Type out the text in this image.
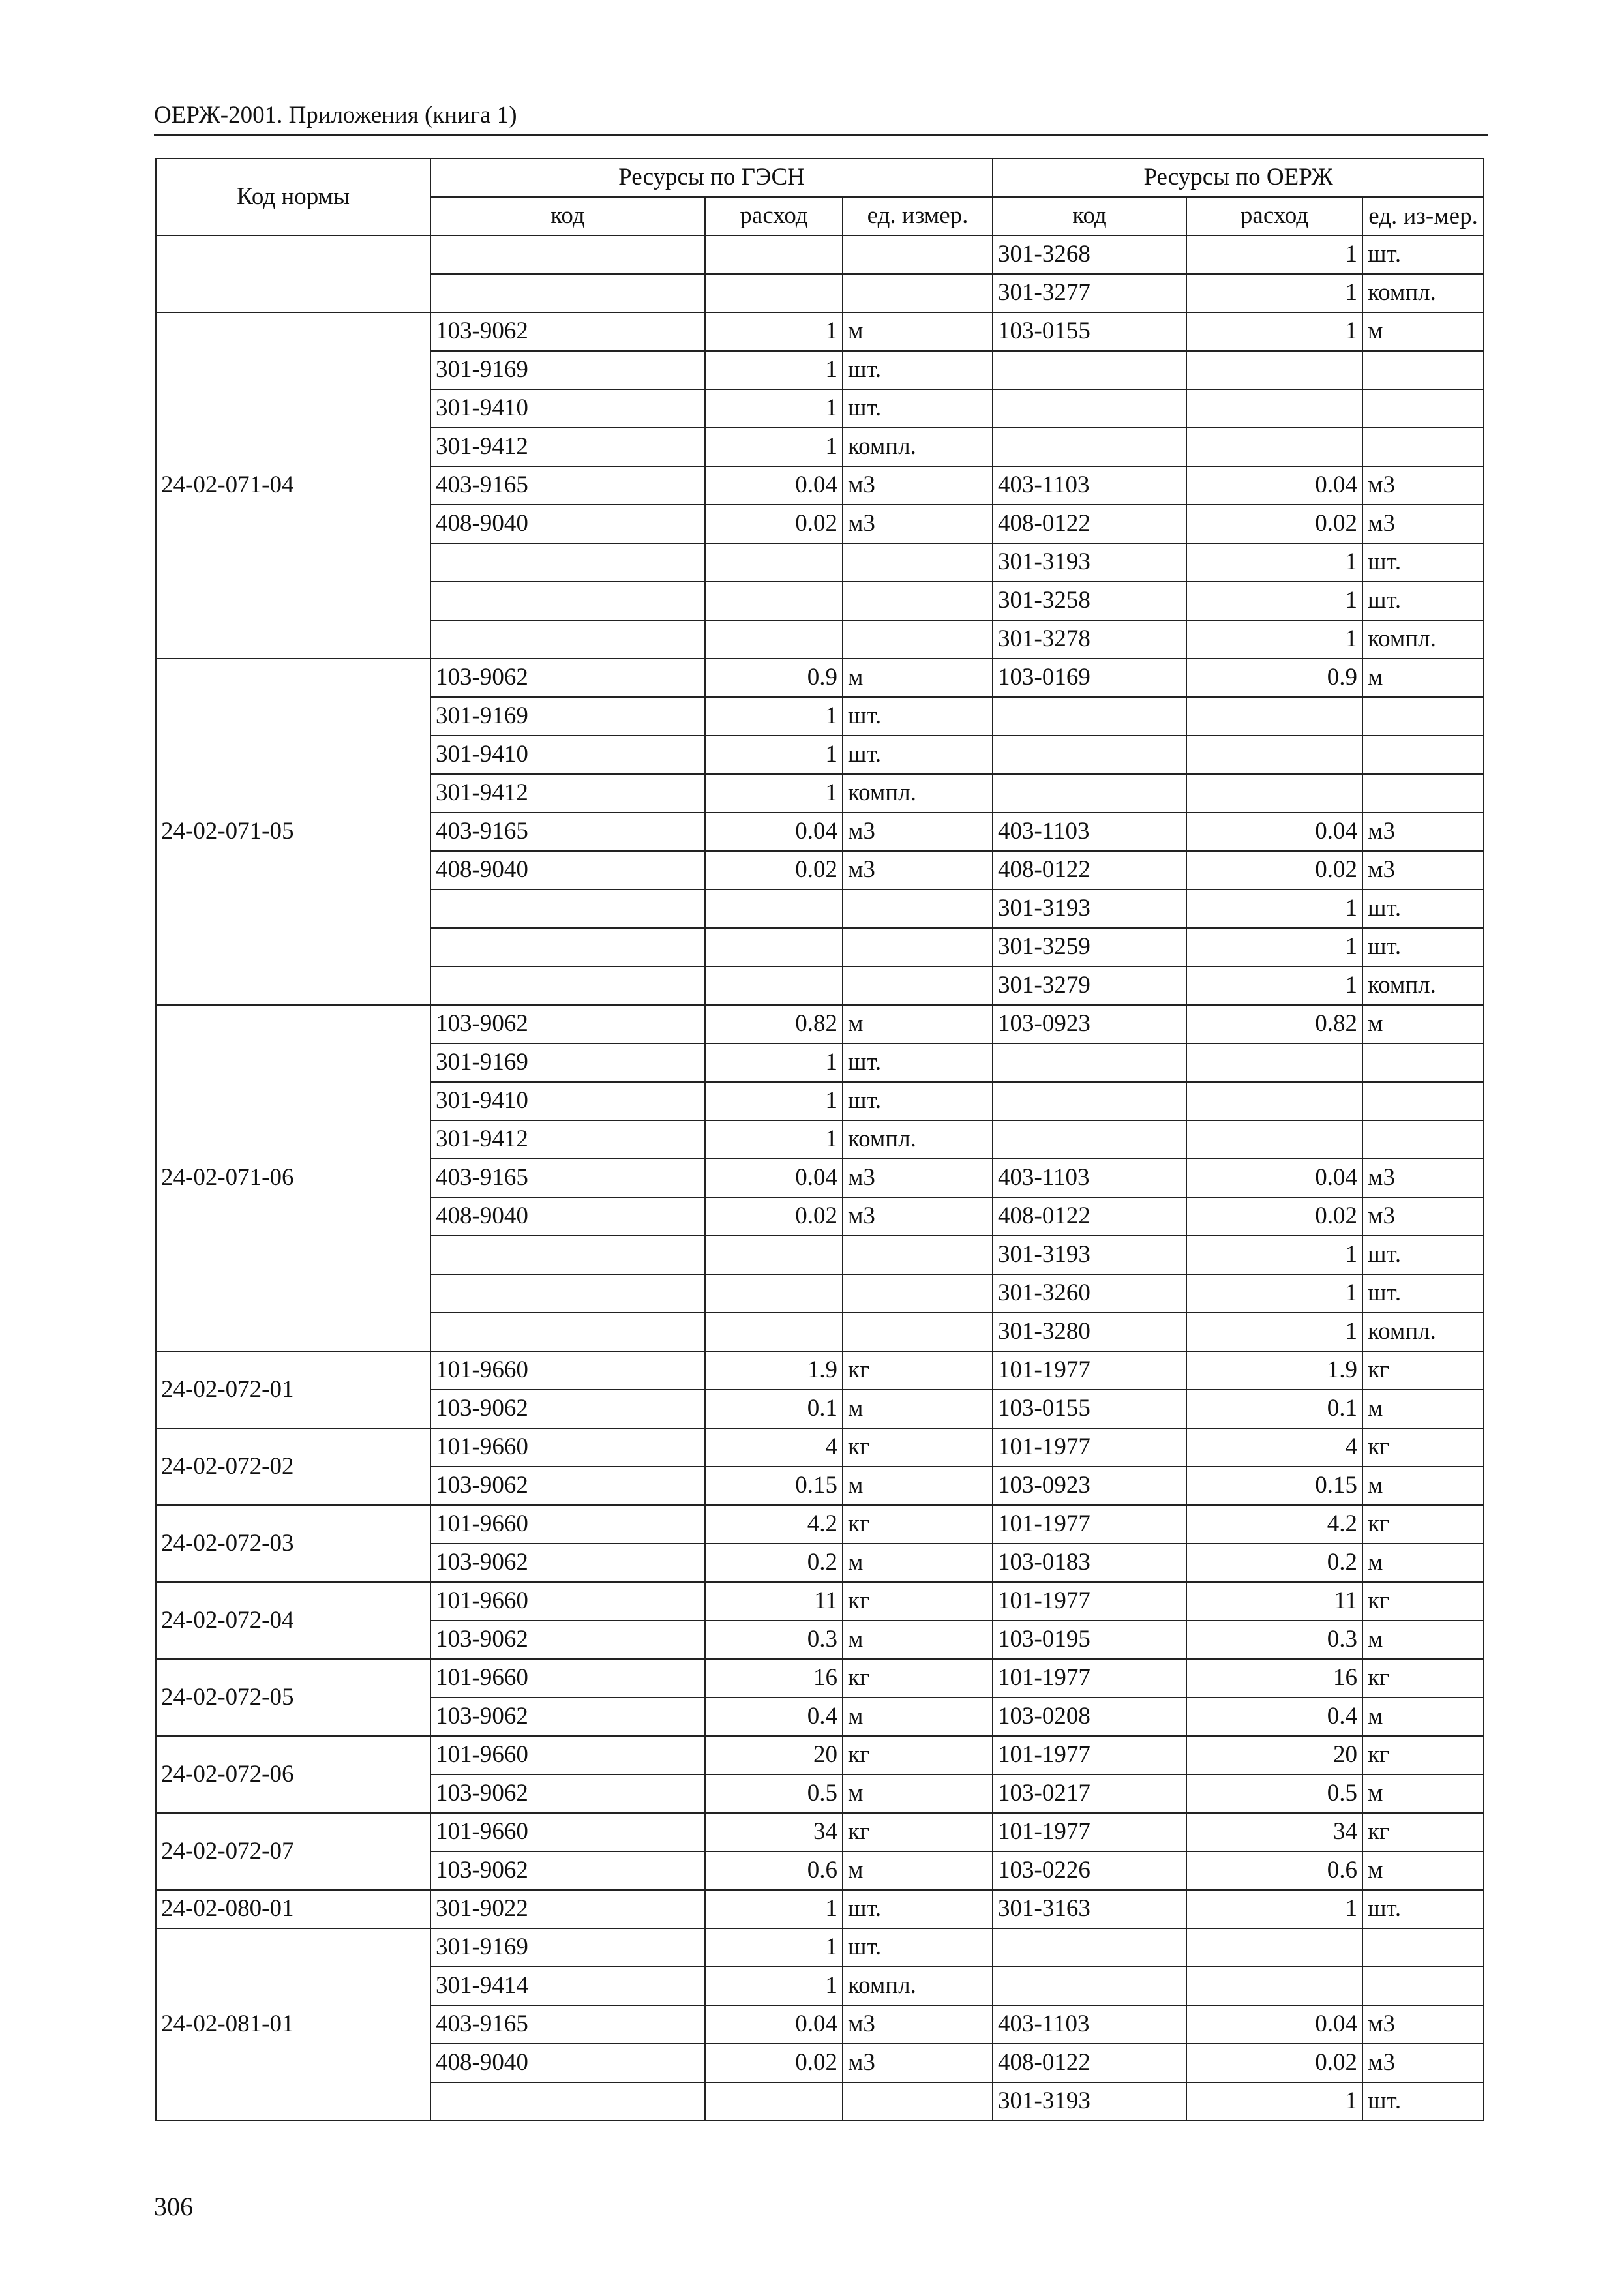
ОЕРЖ-2001. Приложения (книга 1)
Код нормы	Ресурсы по ГЭСН			Ресурсы по ОЕРЖ		
	код	расход	ед. измер.	код	расход	ед. из-мер.
				301-3268	1	шт.
				301-3277	1	компл.
24-02-071-04	103-9062	1	м	103-0155	1	м
	301-9169	1	шт.			
	301-9410	1	шт.			
	301-9412	1	компл.			
	403-9165	0.04	м3	403-1103	0.04	м3
	408-9040	0.02	м3	408-0122	0.02	м3
				301-3193	1	шт.
				301-3258	1	шт.
				301-3278	1	компл.
24-02-071-05	103-9062	0.9	м	103-0169	0.9	м
	301-9169	1	шт.			
	301-9410	1	шт.			
	301-9412	1	компл.			
	403-9165	0.04	м3	403-1103	0.04	м3
	408-9040	0.02	м3	408-0122	0.02	м3
				301-3193	1	шт.
				301-3259	1	шт.
				301-3279	1	компл.
24-02-071-06	103-9062	0.82	м	103-0923	0.82	м
	301-9169	1	шт.			
	301-9410	1	шт.			
	301-9412	1	компл.			
	403-9165	0.04	м3	403-1103	0.04	м3
	408-9040	0.02	м3	408-0122	0.02	м3
				301-3193	1	шт.
				301-3260	1	шт.
				301-3280	1	компл.
24-02-072-01	101-9660	1.9	кг	101-1977	1.9	кг
	103-9062	0.1	м	103-0155	0.1	м
24-02-072-02	101-9660	4	кг	101-1977	4	кг
	103-9062	0.15	м	103-0923	0.15	м
24-02-072-03	101-9660	4.2	кг	101-1977	4.2	кг
	103-9062	0.2	м	103-0183	0.2	м
24-02-072-04	101-9660	11	кг	101-1977	11	кг
	103-9062	0.3	м	103-0195	0.3	м
24-02-072-05	101-9660	16	кг	101-1977	16	кг
	103-9062	0.4	м	103-0208	0.4	м
24-02-072-06	101-9660	20	кг	101-1977	20	кг
	103-9062	0.5	м	103-0217	0.5	м
24-02-072-07	101-9660	34	кг	101-1977	34	кг
	103-9062	0.6	м	103-0226	0.6	м
24-02-080-01	301-9022	1	шт.	301-3163	1	шт.
24-02-081-01	301-9169	1	шт.			
	301-9414	1	компл.			
	403-9165	0.04	м3	403-1103	0.04	м3
	408-9040	0.02	м3	408-0122	0.02	м3
				301-3193	1	шт.
306
